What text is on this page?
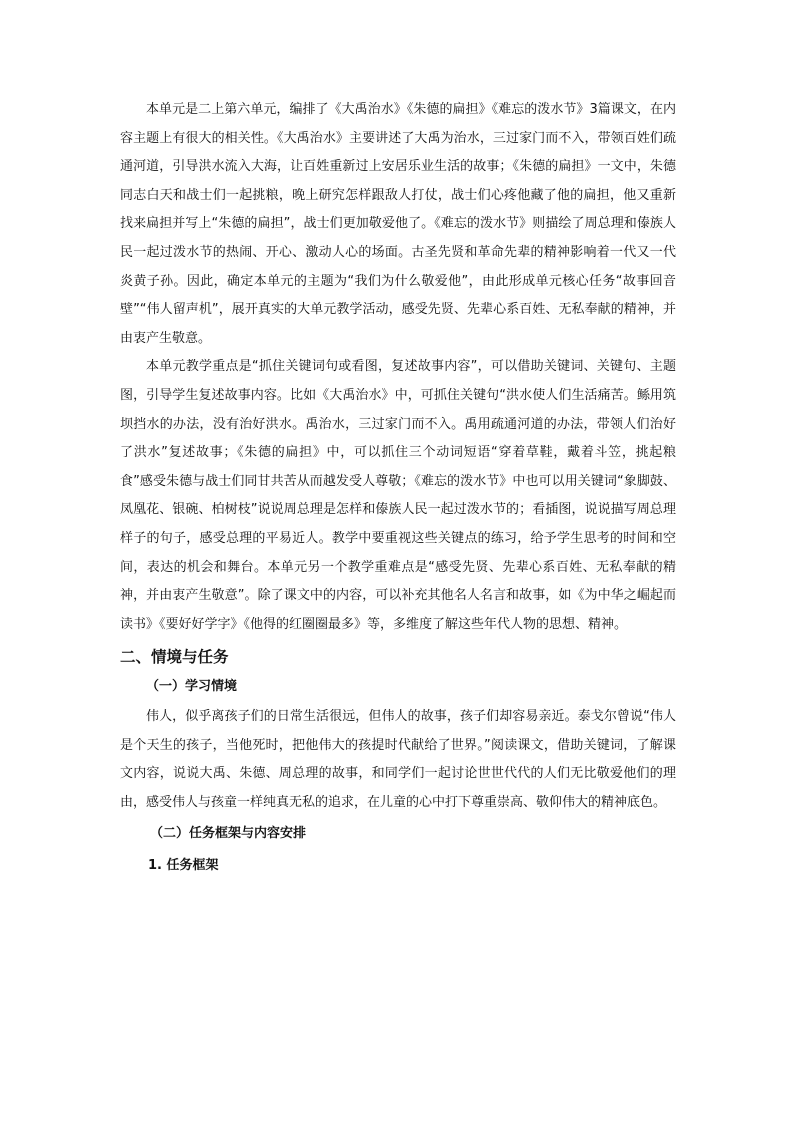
本单元是二上第六单元，编排了《大禹治水》《朱德的扁担》《难忘的泼水节》3篇课文，在内容主题上有很大的相关性。《大禹治水》主要讲述了大禹为治水，三过家门而不入，带领百姓们疏通河道，引导洪水流入大海，让百姓重新过上安居乐业生活的故事；《朱德的扁担》一文中，朱德同志白天和战士们一起挑粮，晚上研究怎样跟敌人打仗，战士们心疼他藏了他的扁担，他又重新找来扁担并写上“朱德的扁担”，战士们更加敬爱他了。《难忘的泼水节》则描绘了周总理和傣族人民一起过泼水节的热闹、开心、激动人心的场面。古圣先贤和革命先辈的精神影响着一代又一代炎黄子孙。因此，确定本单元的主题为“我们为什么敬爱他”，由此形成单元核心任务“故事回音壁”“伟人留声机”，展开真实的大单元教学活动，感受先贤、先辈心系百姓、无私奉献的精神，并由衷产生敬意。

本单元教学重点是“抓住关键词句或看图，复述故事内容”，可以借助关键词、关键句、主题图，引导学生复述故事内容。比如《大禹治水》中，可抓住关键句“洪水使人们生活痛苦。鲧用筑坝挡水的办法，没有治好洪水。禹治水，三过家门而不入。禹用疏通河道的办法，带领人们治好了洪水”复述故事；《朱德的扁担》中，可以抓住三个动词短语“穿着草鞋，戴着斗笠，挑起粮食”感受朱德与战士们同甘共苦从而越发受人尊敬；《难忘的泼水节》中也可以用关键词“象脚鼓、凤凰花、银碗、柏树枝”说说周总理是怎样和傣族人民一起过泼水节的；看插图，说说描写周总理样子的句子，感受总理的平易近人。教学中要重视这些关键点的练习，给予学生思考的时间和空间，表达的机会和舞台。本单元另一个教学重难点是“感受先贤、先辈心系百姓、无私奉献的精神，并由衷产生敬意”。除了课文中的内容，可以补充其他名人名言和故事，如《为中华之崛起而读书》《要好好学字》《他得的红圈圈最多》等，多维度了解这些年代人物的思想、精神。

二、情境与任务
（一）学习情境

伟人，似乎离孩子们的日常生活很远，但伟人的故事，孩子们却容易亲近。泰戈尔曾说“伟人是个天生的孩子，当他死时，把他伟大的孩提时代献给了世界。”阅读课文，借助关键词，了解课文内容，说说大禹、朱德、周总理的故事，和同学们一起讨论世世代代的人们无比敬爱他们的理由，感受伟人与孩童一样纯真无私的追求，在儿童的心中打下尊重崇高、敬仰伟大的精神底色。

（二）任务框架与内容安排
1. 任务框架
